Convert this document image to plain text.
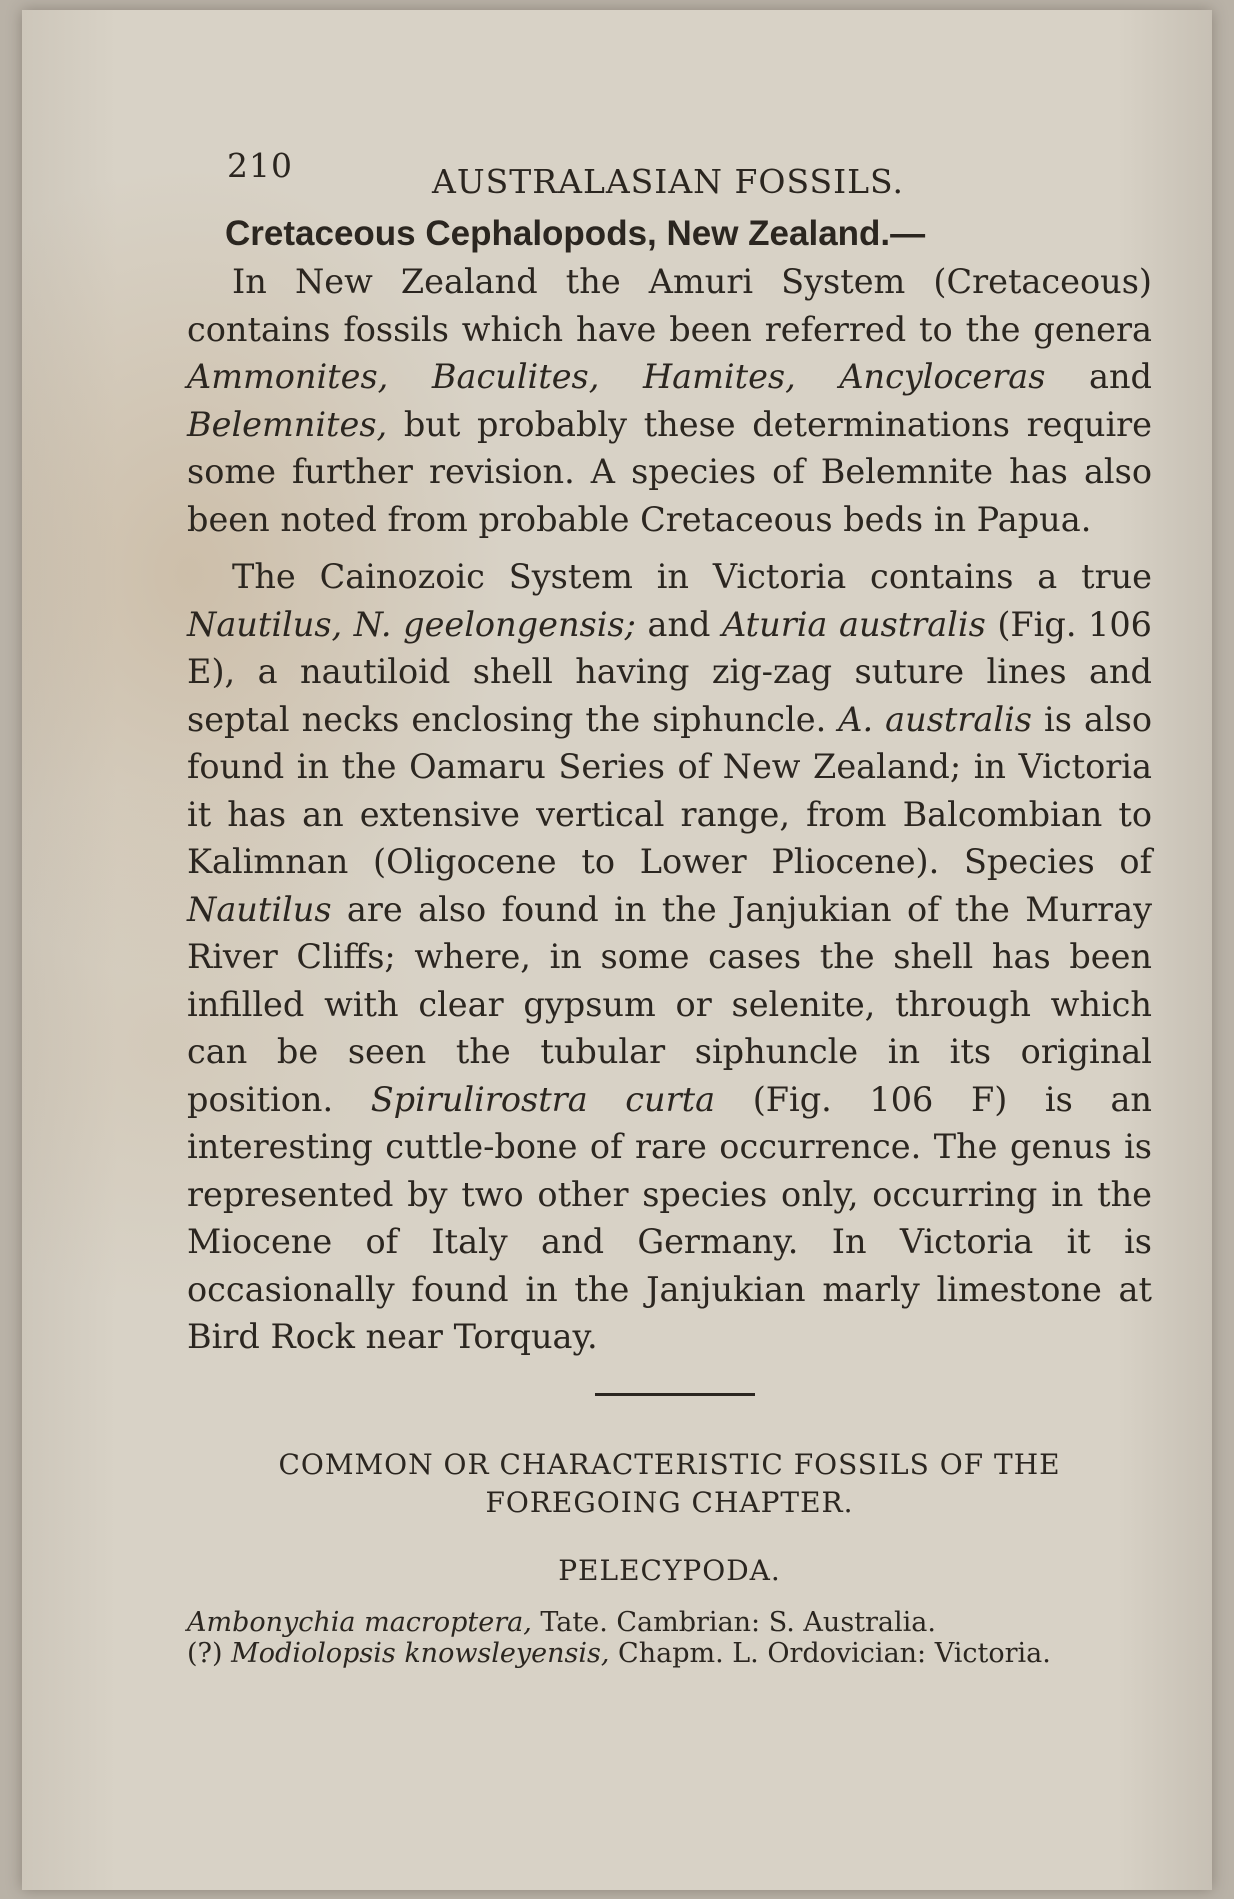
210	AUSTRALASIAN FOSSILS.
Cretaceous Cephalopods, New Zealand.—

In New Zealand the Amuri System (Cretaceous) contains fossils which have been referred to the genera Ammonites, Baculites, Hamites, Ancyloceras and Belemnites, but probably these determinations require some further revision. A species of Belemnite has also been noted from probable Cretaceous beds in Papua.

The Cainozoic System in Victoria contains a true Nautilus, N. geelongensis; and Aturia australis (Fig. 106 E), a nautiloid shell having zig-zag suture lines and septal necks enclosing the siphuncle. A. australis is also found in the Oamaru Series of New Zealand; in Victoria it has an extensive vertical range, from Balcombian to Kalimnan (Oligocene to Lower Pliocene). Species of Nautilus are also found in the Janjukian of the Murray River Cliffs; where, in some cases the shell has been infilled with clear gypsum or selenite, through which can be seen the tubular siphuncle in its original position. Spirulirostra curta (Fig. 106 F) is an interesting cuttle-bone of rare occurrence. The genus is represented by two other species only, occurring in the Miocene of Italy and Germany. In Victoria it is occasionally found in the Janjukian marly limestone at Bird Rock near Torquay.

COMMON OR CHARACTERISTIC FOSSILS OF THE FOREGOING CHAPTER.
PELECYPODA.
Ambonychia macroptera, Tate. Cambrian: S. Australia.
(?) Modiolopsis knowsleyensis, Chapm. L. Ordovician: Victoria.
